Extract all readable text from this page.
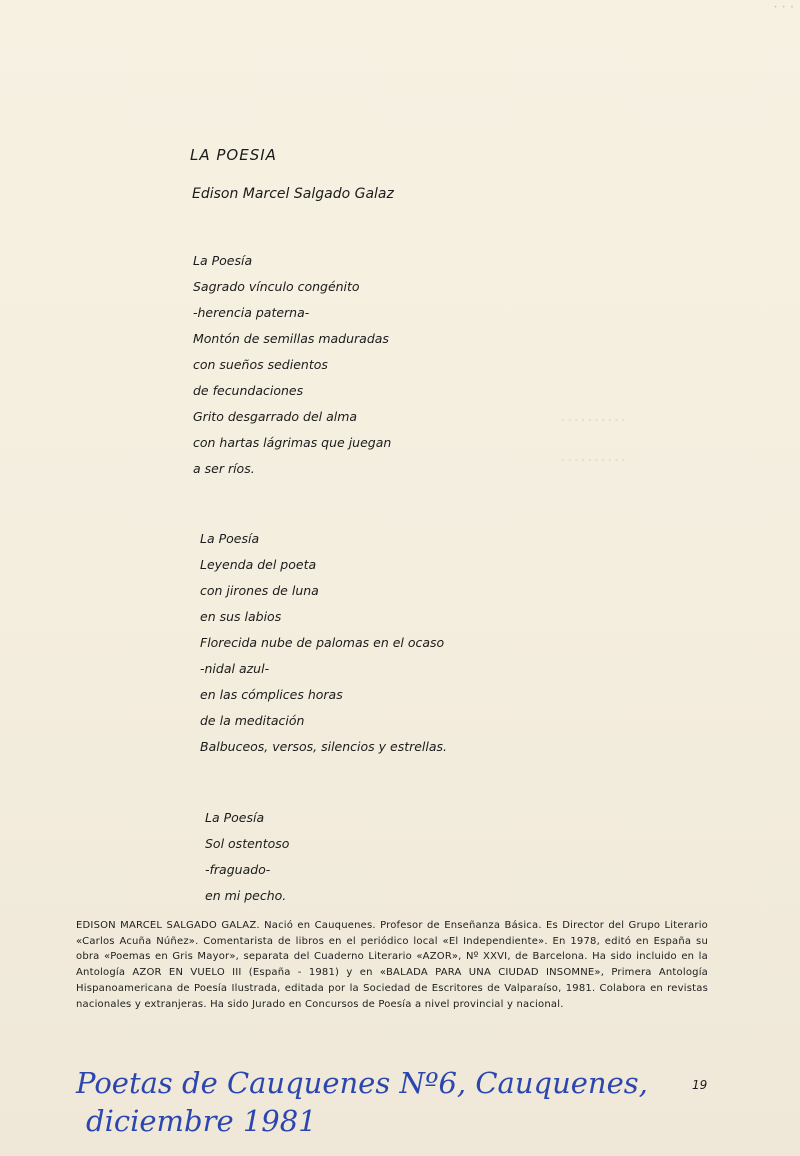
· · ·
··········
··········
LA POESIA
Edison Marcel Salgado Galaz
La Poesía
Sagrado vínculo congénito
-herencia paterna-
Montón de semillas maduradas
con sueños sedientos
de fecundaciones
Grito desgarrado del alma
con hartas lágrimas que juegan
a ser ríos.
La Poesía
Leyenda del poeta
con jirones de luna
en sus labios
Florecida nube de palomas en el ocaso
-nidal azul-
en las cómplices horas
de la meditación
Balbuceos, versos, silencios y estrellas.
La Poesía
Sol ostentoso
-fraguado-
en mi pecho.
EDISON MARCEL SALGADO GALAZ. Nació en Cauquenes. Profesor de Enseñanza Básica. Es Director del Grupo Literario «Carlos Acuña Núñez». Comentarista de libros en el periódico local «El Independiente». En 1978, editó en España su obra «Poemas en Gris Mayor», separata del Cuaderno Literario «AZOR», Nº XXVI, de Barcelona. Ha sido incluido en la Antología AZOR EN VUELO III (España - 1981) y en «BALADA PARA UNA CIUDAD INSOMNE», Primera Antología Hispanoamericana de Poesía Ilustrada, editada por la Sociedad de Escritores de Valparaíso, 1981. Colabora en revistas nacionales y extranjeras. Ha sido Jurado en Concursos de Poesía a nivel provincial y nacional.
Poetas de Cauquenes Nº6, Cauquenes,
diciembre 1981
19
